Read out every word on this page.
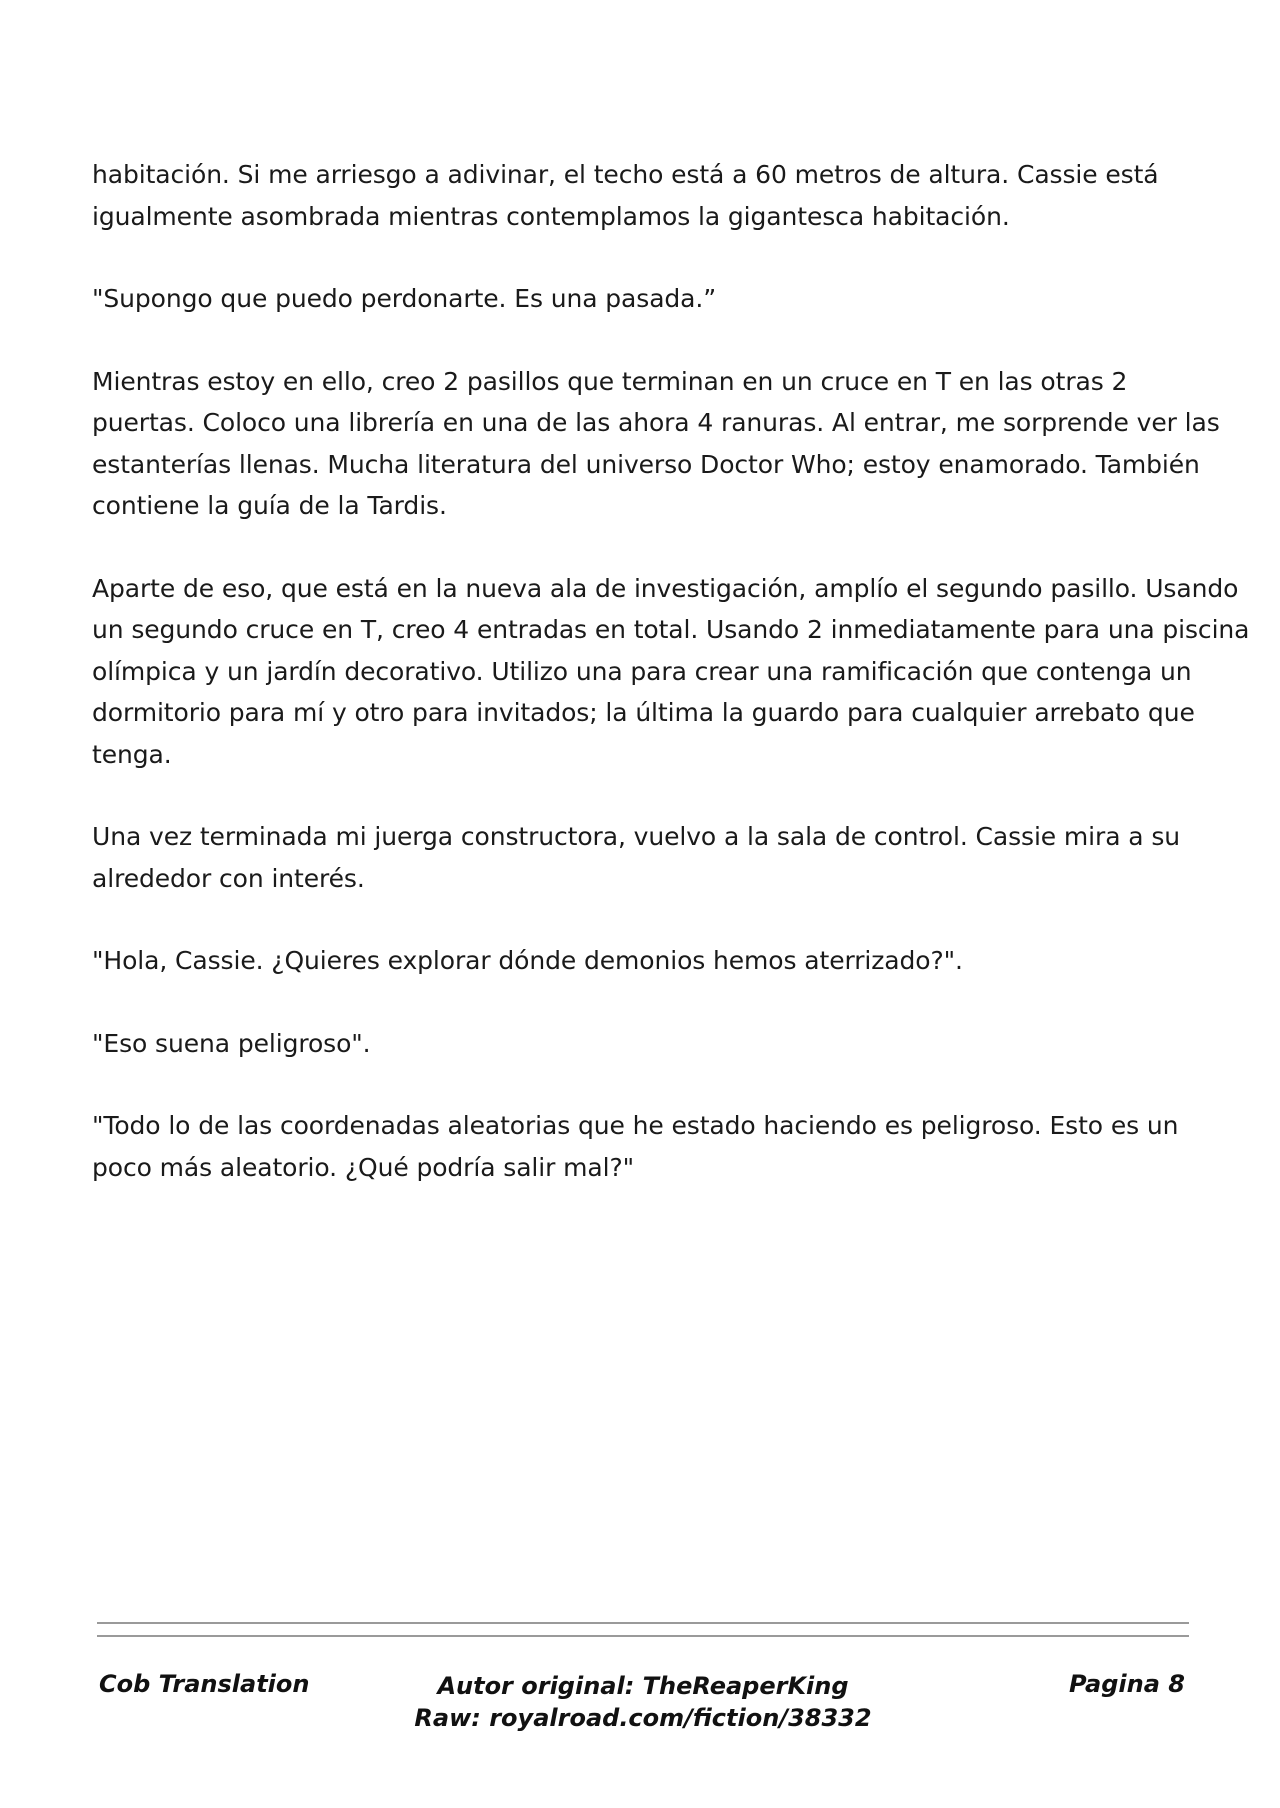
habitación. Si me arriesgo a adivinar, el techo está a 60 metros de altura. Cassie está
igualmente asombrada mientras contemplamos la gigantesca habitación.

"Supongo que puedo perdonarte. Es una pasada.”

Mientras estoy en ello, creo 2 pasillos que terminan en un cruce en T en las otras 2
puertas. Coloco una librería en una de las ahora 4 ranuras. Al entrar, me sorprende ver las
estanterías llenas. Mucha literatura del universo Doctor Who; estoy enamorado. También
contiene la guía de la Tardis.

Aparte de eso, que está en la nueva ala de investigación, amplío el segundo pasillo. Usando
un segundo cruce en T, creo 4 entradas en total. Usando 2 inmediatamente para una piscina
olímpica y un jardín decorativo. Utilizo una para crear una ramificación que contenga un
dormitorio para mí y otro para invitados; la última la guardo para cualquier arrebato que
tenga.

Una vez terminada mi juerga constructora, vuelvo a la sala de control. Cassie mira a su
alrededor con interés.

"Hola, Cassie. ¿Quieres explorar dónde demonios hemos aterrizado?".

"Eso suena peligroso".

"Todo lo de las coordenadas aleatorias que he estado haciendo es peligroso. Esto es un
poco más aleatorio. ¿Qué podría salir mal?"

Cob Translation	Autor original: TheReaperKing
Raw: royalroad.com/fiction/38332
Pagina 8
